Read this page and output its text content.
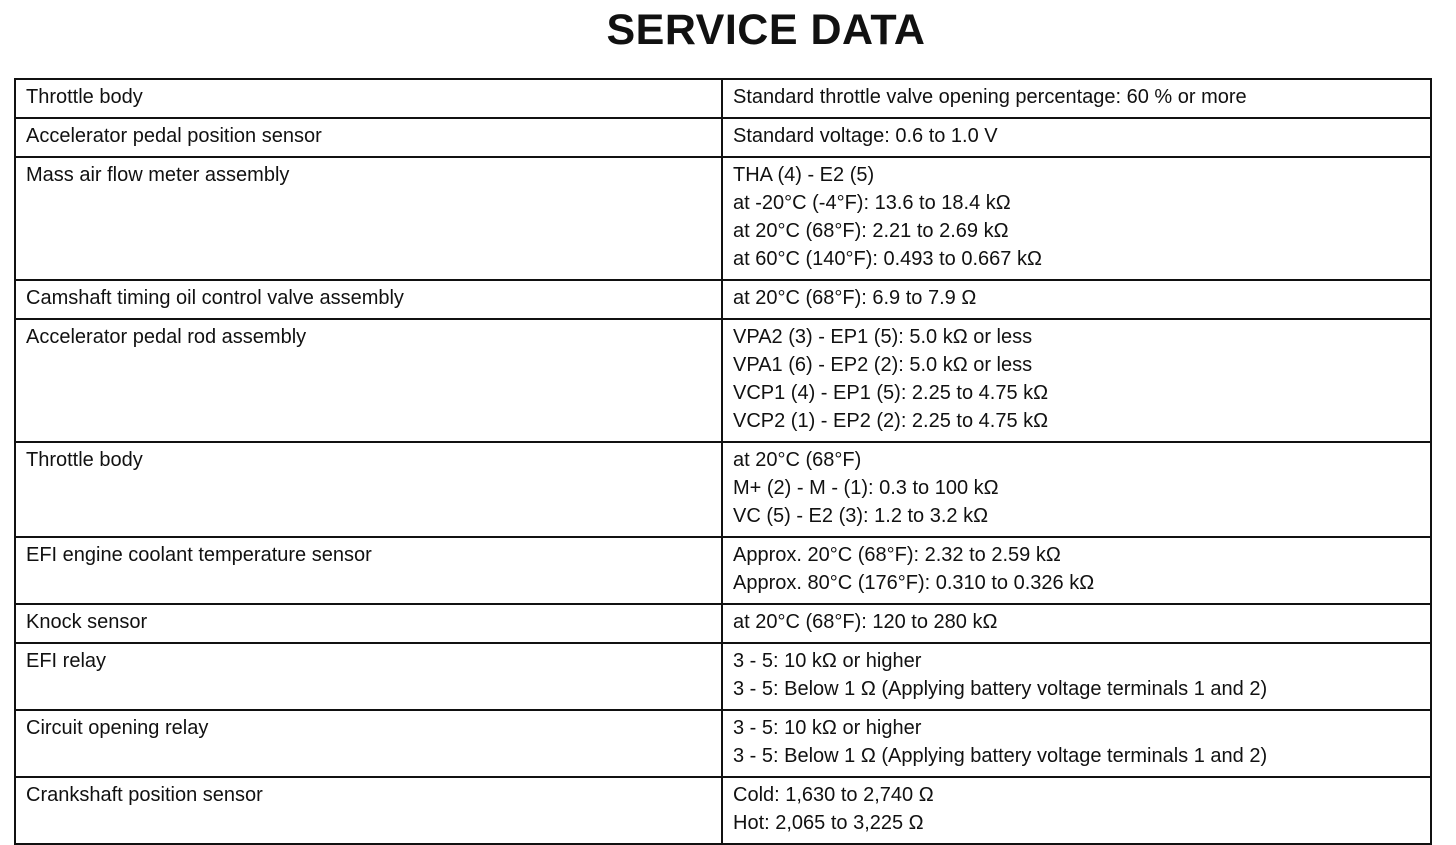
SERVICE DATA
Throttle body	Standard throttle valve opening percentage: 60 % or more

Accelerator pedal position sensor	Standard voltage: 0.6 to 1.0 V

Mass air flow meter assembly	THA (4) - E2 (5)
at -20°C (-4°F): 13.6 to 18.4 kΩ
at 20°C (68°F): 2.21 to 2.69 kΩ
at 60°C (140°F): 0.493 to 0.667 kΩ

Camshaft timing oil control valve assembly	at 20°C (68°F): 6.9 to 7.9 Ω

Accelerator pedal rod assembly	VPA2 (3) - EP1 (5): 5.0 kΩ or less
VPA1 (6) - EP2 (2): 5.0 kΩ or less
VCP1 (4) - EP1 (5): 2.25 to 4.75 kΩ
VCP2 (1) - EP2 (2): 2.25 to 4.75 kΩ

Throttle body	at 20°C (68°F)
M+ (2) - M - (1): 0.3 to 100 kΩ
VC (5) - E2 (3): 1.2 to 3.2 kΩ

EFI engine coolant temperature sensor	Approx. 20°C (68°F): 2.32 to 2.59 kΩ
Approx. 80°C (176°F): 0.310 to 0.326 kΩ

Knock sensor	at 20°C (68°F): 120 to 280 kΩ

EFI relay	3 - 5: 10 kΩ or higher
3 - 5: Below 1 Ω (Applying battery voltage terminals 1 and 2)

Circuit opening relay	3 - 5: 10 kΩ or higher
3 - 5: Below 1 Ω (Applying battery voltage terminals 1 and 2)

Crankshaft position sensor	Cold: 1,630 to 2,740 Ω
Hot: 2,065 to 3,225 Ω
